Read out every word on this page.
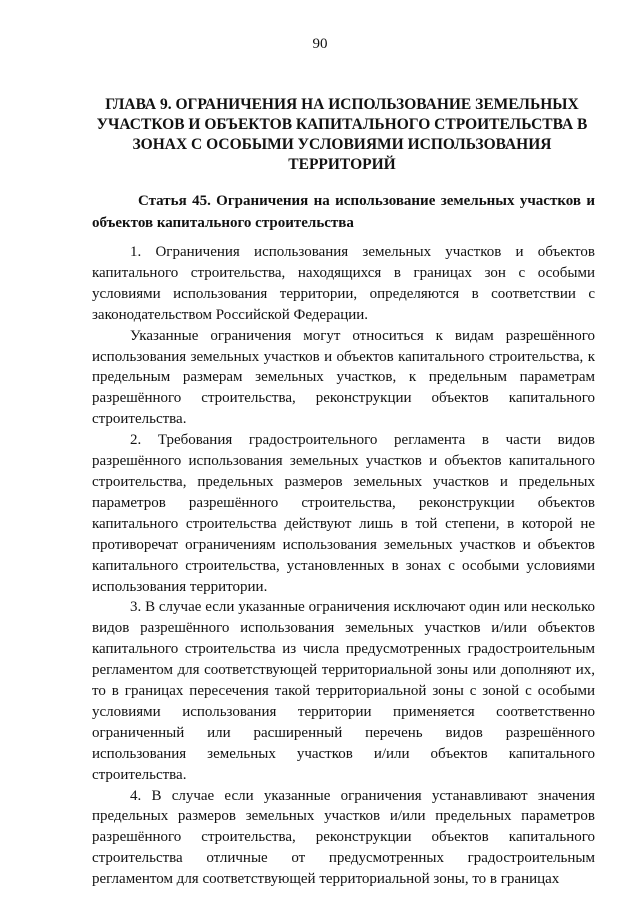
90
ГЛАВА 9. ОГРАНИЧЕНИЯ НА ИСПОЛЬЗОВАНИЕ ЗЕМЕЛЬНЫХ УЧАСТКОВ И ОБЪЕКТОВ КАПИТАЛЬНОГО СТРОИТЕЛЬСТВА В ЗОНАХ С ОСОБЫМИ УСЛОВИЯМИ ИСПОЛЬЗОВАНИЯ ТЕРРИТОРИЙ
Статья 45. Ограничения на использование земельных участков и объектов капитального строительства

1. Ограничения использования земельных участков и объектов капитального строительства, находящихся в границах зон с особыми условиями использования территории, определяются в соответствии с законодательством Российской Федерации.

Указанные ограничения могут относиться к видам разрешённого использования земельных участков и объектов капитального строительства, к предельным размерам земельных участков, к предельным параметрам разрешённого строительства, реконструкции объектов капитального строительства.

2. Требования градостроительного регламента в части видов разрешённого использования земельных участков и объектов капитального строительства, предельных размеров земельных участков и предельных параметров разрешённого строительства, реконструкции объектов капитального строительства действуют лишь в той степени, в которой не противоречат ограничениям использования земельных участков и объектов капитального строительства, установленных в зонах с особыми условиями использования территории.

3. В случае если указанные ограничения исключают один или несколько видов разрешённого использования земельных участков и/или объектов капитального строительства из числа предусмотренных градостроительным регламентом для соответствующей территориальной зоны или дополняют их, то в границах пересечения такой территориальной зоны с зоной с особыми условиями использования территории применяется соответственно ограниченный или расширенный перечень видов разрешённого использования земельных участков и/или объектов капитального строительства.

4. В случае если указанные ограничения устанавливают значения предельных размеров земельных участков и/или предельных параметров разрешённого строительства, реконструкции объектов капитального строительства отличные от предусмотренных градостроительным регламентом для соответствующей территориальной зоны, то в границах
